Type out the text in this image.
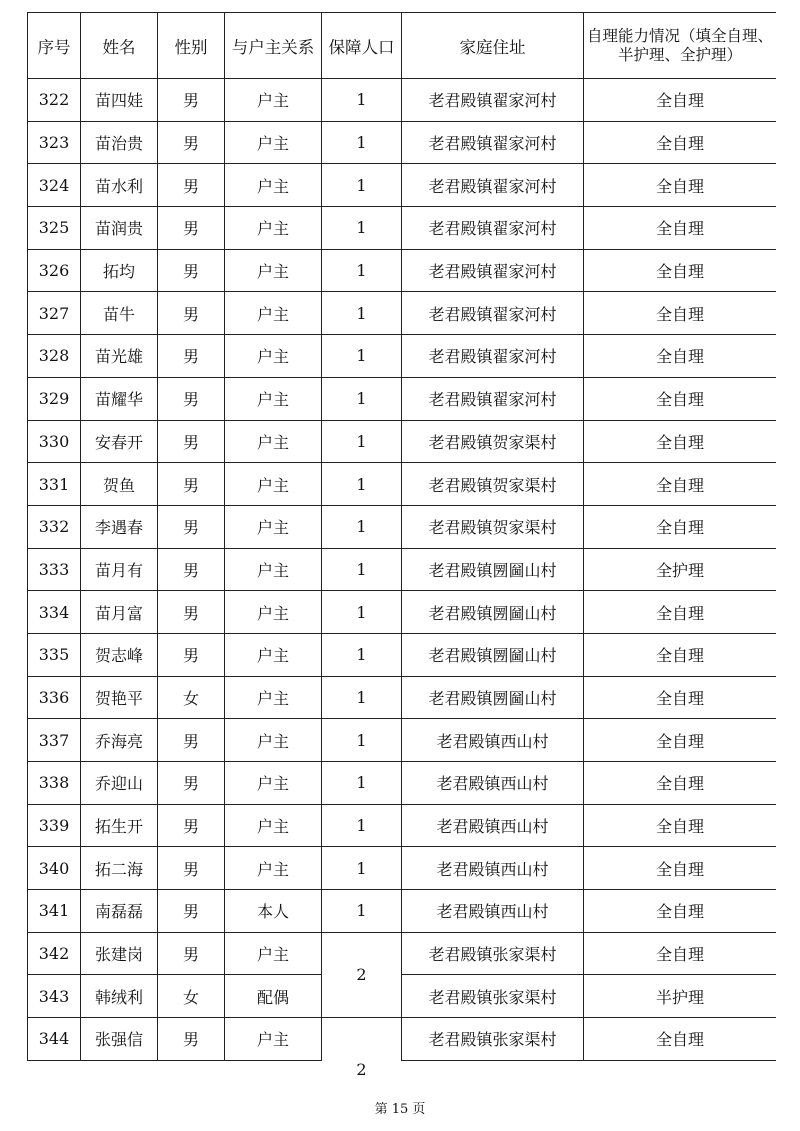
序号	姓名	性别	与户主关系	保障人口	家庭住址	自理能力情况（填全自理、半护理、全护理）
322	苗四娃	男	户主	1	老君殿镇翟家河村	全自理
323	苗治贵	男	户主	1	老君殿镇翟家河村	全自理
324	苗水利	男	户主	1	老君殿镇翟家河村	全自理
325	苗润贵	男	户主	1	老君殿镇翟家河村	全自理
326	拓均	男	户主	1	老君殿镇翟家河村	全自理
327	苗牛	男	户主	1	老君殿镇翟家河村	全自理
328	苗光雄	男	户主	1	老君殿镇翟家河村	全自理
329	苗耀华	男	户主	1	老君殿镇翟家河村	全自理
330	安春开	男	户主	1	老君殿镇贺家渠村	全自理
331	贺鱼	男	户主	1	老君殿镇贺家渠村	全自理
332	李遇春	男	户主	1	老君殿镇贺家渠村	全自理
333	苗月有	男	户主	1	老君殿镇圐圙山村	全护理
334	苗月富	男	户主	1	老君殿镇圐圙山村	全自理
335	贺志峰	男	户主	1	老君殿镇圐圙山村	全自理
336	贺艳平	女	户主	1	老君殿镇圐圙山村	全自理
337	乔海亮	男	户主	1	老君殿镇西山村	全自理
338	乔迎山	男	户主	1	老君殿镇西山村	全自理
339	拓生开	男	户主	1	老君殿镇西山村	全自理
340	拓二海	男	户主	1	老君殿镇西山村	全自理
341	南磊磊	男	本人	1	老君殿镇西山村	全自理
342	张建岗	男	户主	2	老君殿镇张家渠村	全自理
343	韩绒利	女	配偶		老君殿镇张家渠村	半护理
344	张强信	男	户主	2	老君殿镇张家渠村	全自理
第 15 页
